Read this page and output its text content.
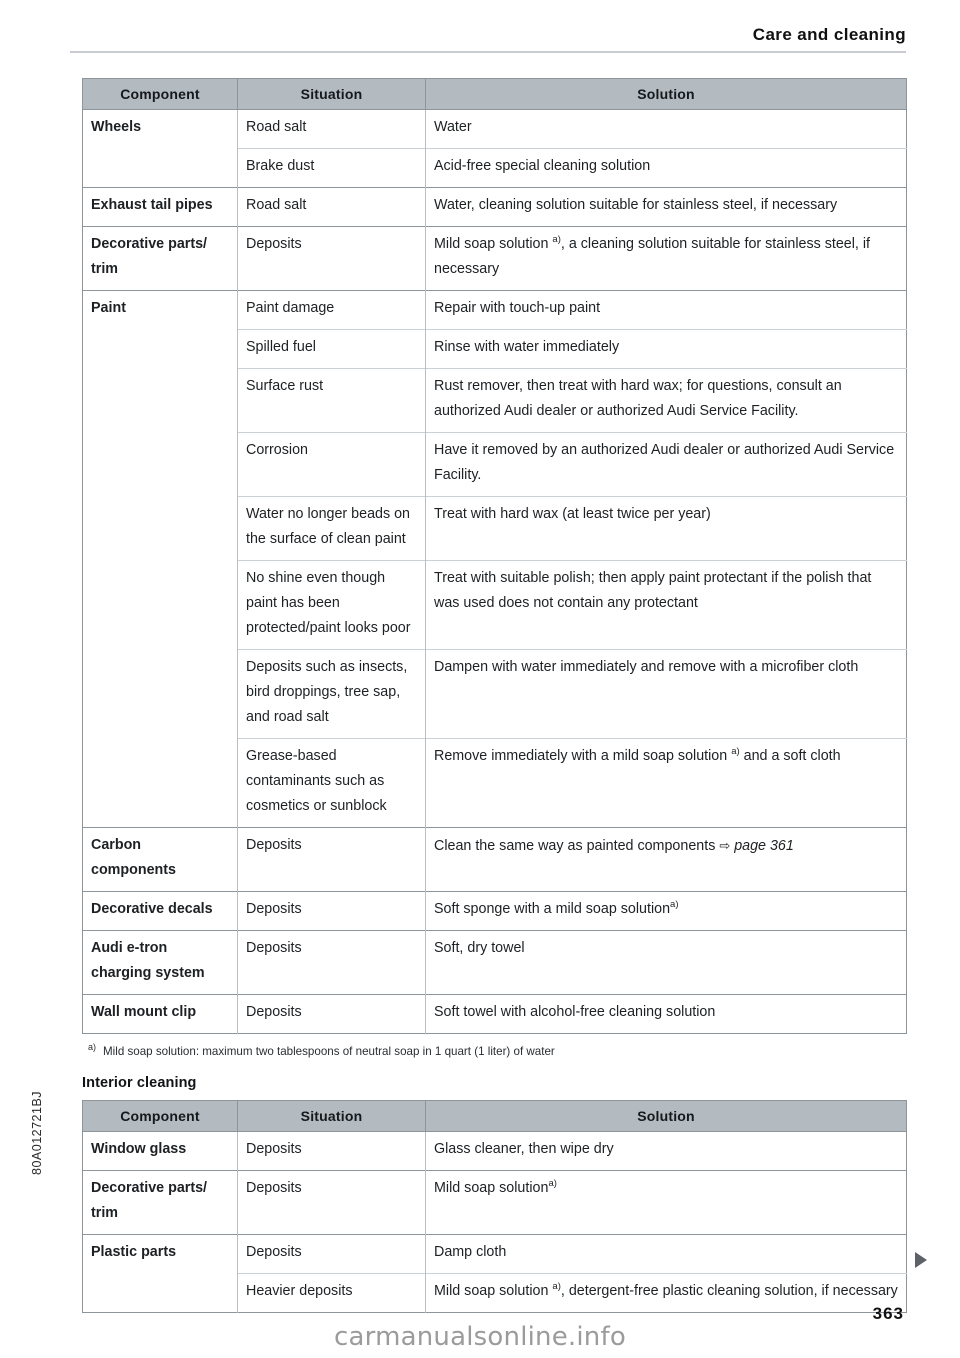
Care and cleaning
80A012721BJ
Component	Situation	Solution
Wheels	Road salt	Water
	Brake dust	Acid-free special cleaning solution
Exhaust tail pipes	Road salt	Water, cleaning solution suitable for stainless steel, if necessary
Decorative parts/ trim	Deposits	Mild soap solution $^{a)}$, a cleaning solution suitable for stainless steel, if necessary
Paint	Paint damage	Repair with touch-up paint
	Spilled fuel	Rinse with water immediately
	Surface rust	Rust remover, then treat with hard wax; for questions, consult an authorized Audi dealer or authorized Audi Service Facility.
	Corrosion	Have it removed by an authorized Audi dealer or authorized Audi Service Facility.
	Water no longer beads on the surface of clean paint	Treat with hard wax (at least twice per year)
	No shine even though paint has been protected/paint looks poor	Treat with suitable polish; then apply paint protectant if the polish that was used does not contain any protectant
	Deposits such as insects, bird droppings, tree sap, and road salt	Dampen with water immediately and remove with a microfiber cloth
	Grease-based contaminants such as cosmetics or sunblock	Remove immediately with a mild soap solution $^{a)}$ and a soft cloth
Carbon components	Deposits	Clean the same way as painted components ⇨ page 361
Decorative decals	Deposits	Soft sponge with a mild soap solution$^{a)}$
Audi e-tron charging system	Deposits	Soft, dry towel
Wall mount clip	Deposits	Soft towel with alcohol-free cleaning solution
$^{a)}$ Mild soap solution: maximum two tablespoons of neutral soap in 1 quart (1 liter) of water
Interior cleaning
Component	Situation	Solution
Window glass	Deposits	Glass cleaner, then wipe dry
Decorative parts/ trim	Deposits	Mild soap solution$^{a)}$
Plastic parts	Deposits	Damp cloth
	Heavier deposits	Mild soap solution $^{a)}$, detergent-free plastic cleaning solution, if necessary
363
carmanualsonline.info
